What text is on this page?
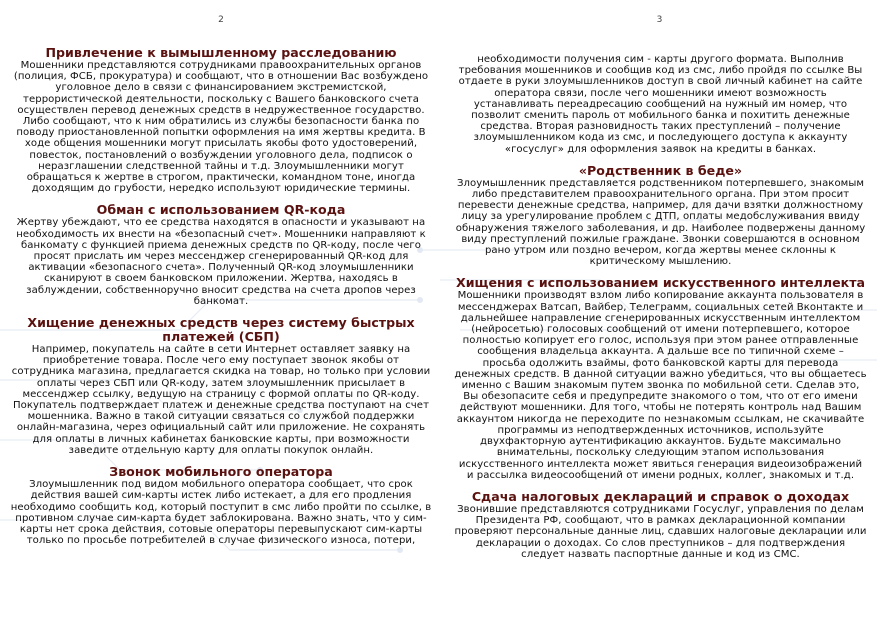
2
Привлечение к вымышленному расследованию

Мошенники представляются сотрудниками правоохранительных органов (полиция, ФСБ, прокуратура) и сообщают, что в отношении Вас возбуждено уголовное дело в связи с финансированием экстремистской, террористической деятельности, поскольку с Вашего банковского счета осуществлен перевод денежных средств в недружественное государство. Либо сообщают, что к ним обратились из службы безопасности банка по поводу приостановленной попытки оформления на имя жертвы кредита. В ходе общения мошенники могут присылать якобы фото удостоверений, повесток, постановлений о возбуждении уголовного дела, подписок о неразглашении следственной тайны и т.д. Злоумышленники могут обращаться к жертве в строгом, практически, командном тоне, иногда доходящим до грубости, нередко используют юридические термины.

Обман с использованием QR-кода

Жертву убеждают, что ее средства находятся в опасности и указывают на необходимость их внести на «безопасный счет». Мошенники направляют к банкомату с функцией приема денежных средств по QR-коду, после чего просят прислать им через мессенджер сгенерированный QR-код для активации «безопасного счета». Полученный QR-код злоумышленники сканируют в своем банковском приложении. Жертва, находясь в заблуждении, собственноручно вносит средства на счета дропов через банкомат.

Хищение денежных средств через систему быстрых платежей (СБП)

Например, покупатель на сайте в сети Интернет оставляет заявку на приобретение товара. После чего ему поступает звонок якобы от сотрудника магазина, предлагается скидка на товар, но только при условии оплаты через СБП или QR-коду, затем злоумышленник присылает в мессенджер ссылку, ведущую на страницу с формой оплаты по QR-коду. Покупатель подтверждает платеж и денежные средства поступают на счет мошенника. Важно в такой ситуации связаться со службой поддержки онлайн-магазина, через официальный сайт или приложение. Не сохранять для оплаты в личных кабинетах банковские карты, при возможности заведите отдельную карту для оплаты покупок онлайн.

Звонок мобильного оператора

Злоумышленник под видом мобильного оператора сообщает, что срок действия вашей сим-карты истек либо истекает, а для его продления необходимо сообщить код, который поступит в смс либо пройти по ссылке, в противном случае сим-карта будет заблокирована. Важно знать, что у сим-карты нет срока действия, сотовые операторы перевыпускают сим-карты только по просьбе потребителей в случае физического износа, потери,

3

необходимости получения сим - карты другого формата. Выполнив требования мошенников и сообщив код из смс, либо пройдя по ссылке Вы отдаете в руки злоумышленников доступ в свой личный кабинет на сайте оператора связи, после чего мошенники имеют возможность устанавливать переадресацию сообщений на нужный им номер, что позволит сменить пароль от мобильного банка и похитить денежные средства. Вторая разновидность таких преступлений – получение злоумышленником кода из смс, и последующего доступа к аккаунту «госуслуг» для оформления заявок на кредиты в банках.

«Родственник в беде»

Злоумышленник представляется родственником потерпевшего, знакомым либо представителем правоохранительного органа. При этом просит перевести денежные средства, например, для дачи взятки должностному лицу за урегулирование проблем с ДТП, оплаты медобслуживания ввиду обнаружения тяжелого заболевания, и др. Наиболее подвержены данному виду преступлений пожилые граждане. Звонки совершаются в основном рано утром или поздно вечером, когда жертвы менее склонны к критическому мышлению.

Хищения с использованием искусственного интеллекта

Мошенники производят взлом либо копирование аккаунта пользователя в мессенджерах Ватсап, Вайбер, Телеграмм, социальных сетей Вконтакте и дальнейшее направление сгенерированных искусственным интеллектом (нейросетью) голосовых сообщений от имени потерпевшего, которое полностью копирует его голос, используя при этом ранее отправленные сообщения владельца аккаунта. А дальше все по типичной схеме – просьба одолжить взаймы, фото банковской карты для перевода денежных средств. В данной ситуации важно убедиться, что вы общаетесь именно с Вашим знакомым путем звонка по мобильной сети. Сделав это, Вы обезопасите себя и предупредите знакомого о том, что от его имени действуют мошенники. Для того, чтобы не потерять контроль над Вашим аккаунтом никогда не переходите по незнакомым ссылкам, не скачивайте программы из неподтвержденных источников, используйте двухфакторную аутентификацию аккаунтов. Будьте максимально внимательны, поскольку следующим этапом использования искусственного интеллекта может явиться генерация видеоизображений и рассылка видеосообщений от имени родных, коллег, знакомых и т.д.

Сдача налоговых деклараций и справок о доходах

Звонившие представляются сотрудниками Госуслуг, управления по делам Президента РФ, сообщают, что в рамках декларационной компании проверяют персональные данные лиц, сдавших налоговые декларации или декларации о доходах. Со слов преступников – для подтверждения следует назвать паспортные данные и код из СМС.
